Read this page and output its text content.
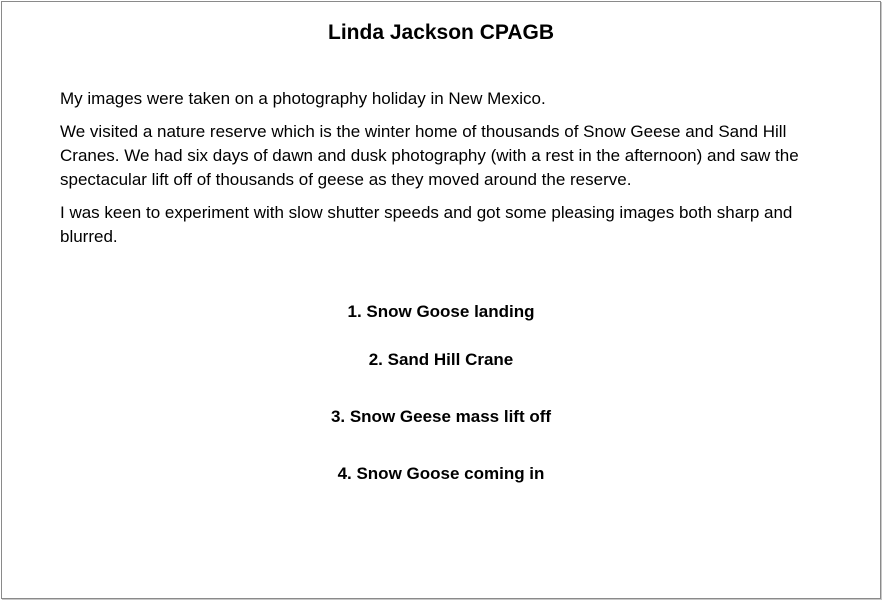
Linda Jackson CPAGB

My images were taken on a photography holiday in New Mexico.

We visited a nature reserve which is the winter home of thousands of Snow Geese and Sand Hill Cranes. We had six days of dawn and dusk photography (with a rest in the afternoon) and saw the spectacular lift off of thousands of geese as they moved around the reserve.

I was keen to experiment with slow shutter speeds and got some pleasing images both sharp and blurred.

1. Snow Goose landing
2. Sand Hill Crane
3. Snow Geese mass lift off
4. Snow Goose coming in
